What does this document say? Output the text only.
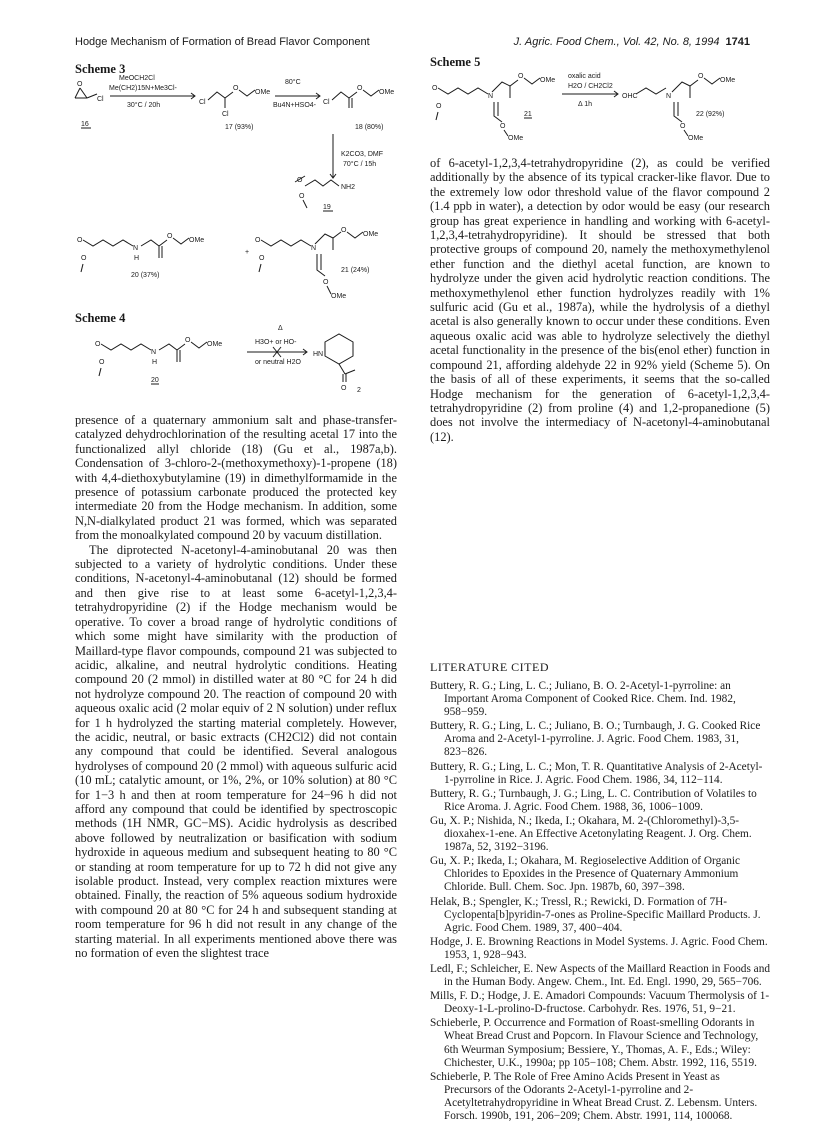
Hodge Mechanism of Formation of Bread Flavor Component	J. Agric. Food Chem., Vol. 42, No. 8, 1994 1741
Scheme 3
O
Cl
16
MeOCH2Cl
Me(CH2)15N+Me3Cl-
30°C / 20h	Cl
Cl
O
OMe
17 (93%)
80°C
Bu4N+HSO4- Cl
O
OMe
18 (80%)
K2CO3, DMF
70°C / 15h
O
NH2
O
19
O
N
H
O
OMe
O
20 (37%)
+
O
N
O
OMe
O
OMe
O
21 (24%)
Scheme 4
O
N
H
O
OMe
O
20
Δ
H3O+ or HO-
or neutral H2O
HN
O 2

presence of a quaternary ammonium salt and phase-transfer-catalyzed dehydrochlorination of the resulting acetal 17 into the functionalized allyl chloride (18) (Gu et al., 1987a,b). Condensation of 3-chloro-2-(methoxymethoxy)-1-propene (18) with 4,4-diethoxybutylamine (19) in dimethylformamide in the presence of potassium carbonate produced the protected key intermediate 20 from the Hodge mechanism. In addition, some N,N-dialkylated product 21 was formed, which was separated from the monoalkylated compound 20 by vacuum distillation.

The diprotected N-acetonyl-4-aminobutanal 20 was then subjected to a variety of hydrolytic conditions. Under these conditions, N-acetonyl-4-aminobutanal (12) should be formed and then give rise to at least some 6-acetyl-1,2,3,4-tetrahydropyridine (2) if the Hodge mechanism would be operative. To cover a broad range of hydrolytic conditions of which some might have similarity with the production of Maillard-type flavor compounds, compound 21 was subjected to acidic, alkaline, and neutral hydrolytic conditions. Heating compound 20 (2 mmol) in distilled water at 80 °C for 24 h did not hydrolyze compound 20. The reaction of compound 20 with aqueous oxalic acid (2 molar equiv of 2 N solution) under reflux for 1 h hydrolyzed the starting material completely. However, the acidic, neutral, or basic extracts (CH2Cl2) did not contain any compound that could be identified. Several analogous hydrolyses of compound 20 (2 mmol) with aqueous sulfuric acid (10 mL; catalytic amount, or 1%, 2%, or 10% solution) at 80 °C for 1−3 h and then at room temperature for 24−96 h did not afford any compound that could be identified by spectroscopic methods (1H NMR, GC−MS). Acidic hydrolysis as described above followed by neutralization or basification with sodium hydroxide in aqueous medium and subsequent heating to 80 °C or standing at room temperature for up to 72 h did not give any isolable product. Instead, very complex reaction mixtures were obtained. Finally, the reaction of 5% aqueous sodium hydroxide with compound 20 at 80 °C for 24 h and subsequent standing at room temperature for 96 h did not result in any change of the starting material. In all experiments mentioned above there was no formation of even the slightest trace

Scheme 5
O
N
O
OMe
O
OMe
O
21
oxalic acid
H2O / CH2Cl2
Δ 1h
OHC	N
O
OMe
O
OMe
22 (92%)

of 6-acetyl-1,2,3,4-tetrahydropyridine (2), as could be verified additionally by the absence of its typical cracker-like flavor. Due to the extremely low odor threshold value of the flavor compound 2 (1.4 ppb in water), a detection by odor would be easy (our research group has great experience in handling and working with 6-acetyl-1,2,3,4-tetrahydropyridine). It should be stressed that both protective groups of compound 20, namely the methoxymethylenol ether function and the diethyl acetal function, are known to hydrolyze under the given acid hydrolytic reaction conditions. The methoxymethylenol ether function hydrolyzes readily with 1% sulfuric acid (Gu et al., 1987a), while the hydrolysis of a diethyl acetal is also generally known to occur under these conditions. Even aqueous oxalic acid was able to hydrolyze selectively the diethyl acetal functionality in the presence of the bis(enol ether) function in compound 21, affording aldehyde 22 in 92% yield (Scheme 5). On the basis of all of these experiments, it seems that the so-called Hodge mechanism for the generation of 6-acetyl-1,2,3,4-tetrahydropyridine (2) from proline (4) and 1,2-propanedione (5) does not involve the intermediacy of N-acetonyl-4-aminobutanal (12).

LITERATURE CITED
Buttery, R. G.; Ling, L. C.; Juliano, B. O. 2-Acetyl-1-pyrroline: an Important Aroma Component of Cooked Rice. Chem. Ind. 1982, 958−959.
Buttery, R. G.; Ling, L. C.; Juliano, B. O.; Turnbaugh, J. G. Cooked Rice Aroma and 2-Acetyl-1-pyrroline. J. Agric. Food Chem. 1983, 31, 823−826.
Buttery, R. G.; Ling, L. C.; Mon, T. R. Quantitative Analysis of 2-Acetyl-1-pyrroline in Rice. J. Agric. Food Chem. 1986, 34, 112−114.
Buttery, R. G.; Turnbaugh, J. G.; Ling, L. C. Contribution of Volatiles to Rice Aroma. J. Agric. Food Chem. 1988, 36, 1006−1009.
Gu, X. P.; Nishida, N.; Ikeda, I.; Okahara, M. 2-(Chloromethyl)-3,5-dioxahex-1-ene. An Effective Acetonylating Reagent. J. Org. Chem. 1987a, 52, 3192−3196.
Gu, X. P.; Ikeda, I.; Okahara, M. Regioselective Addition of Organic Chlorides to Epoxides in the Presence of Quaternary Ammonium Chloride. Bull. Chem. Soc. Jpn. 1987b, 60, 397−398.
Helak, B.; Spengler, K.; Tressl, R.; Rewicki, D. Formation of 7H-Cyclopenta[b]pyridin-7-ones as Proline-Specific Maillard Products. J. Agric. Food Chem. 1989, 37, 400−404.
Hodge, J. E. Browning Reactions in Model Systems. J. Agric. Food Chem. 1953, 1, 928−943.
Ledl, F.; Schleicher, E. New Aspects of the Maillard Reaction in Foods and in the Human Body. Angew. Chem., Int. Ed. Engl. 1990, 29, 565−706.
Mills, F. D.; Hodge, J. E. Amadori Compounds: Vacuum Thermolysis of 1-Deoxy-1-L-prolino-D-fructose. Carbohydr. Res. 1976, 51, 9−21.
Schieberle, P. Occurrence and Formation of Roast-smelling Odorants in Wheat Bread Crust and Popcorn. In Flavour Science and Technology, 6th Weurman Symposium; Bessiere, Y., Thomas, A. F., Eds.; Wiley: Chichester, U.K., 1990a; pp 105−108; Chem. Abstr. 1992, 116, 5519.
Schieberle, P. The Role of Free Amino Acids Present in Yeast as Precursors of the Odorants 2-Acetyl-1-pyrroline and 2-Acetyltetrahydropyridine in Wheat Bread Crust. Z. Lebensm. Unters. Forsch. 1990b, 191, 206−209; Chem. Abstr. 1991, 114, 100068.
